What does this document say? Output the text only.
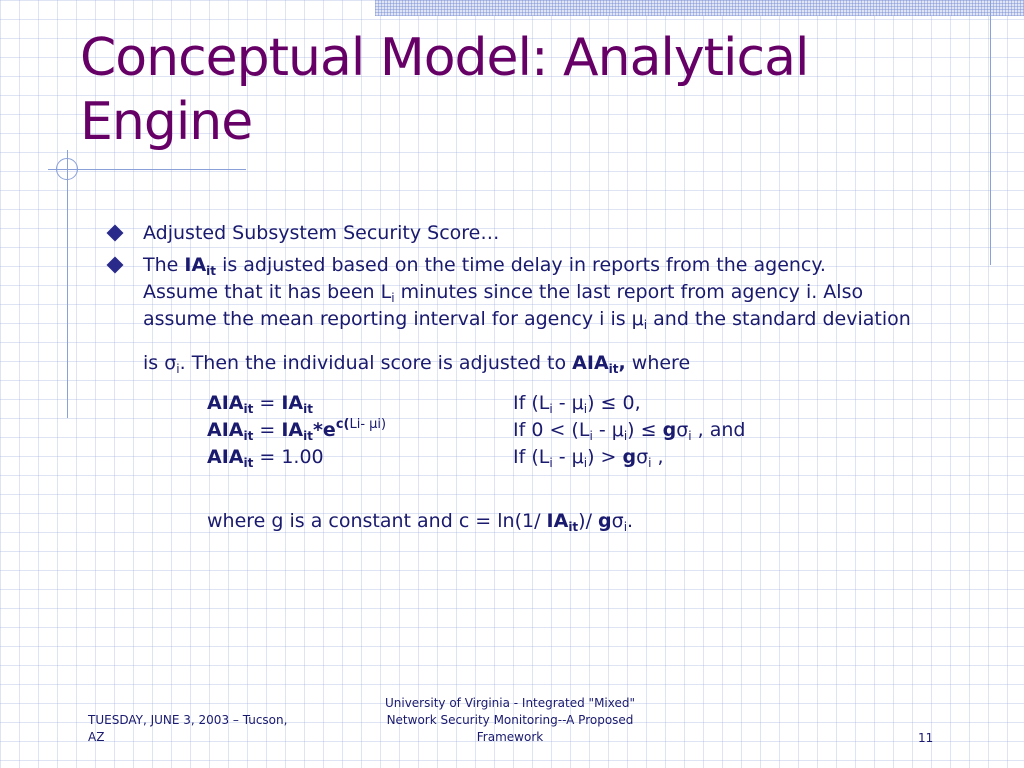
Conceptual Model: Analytical Engine
Adjusted Subsystem Security Score…
The $IA_{it}$ is adjusted based on the time delay in reports from the agency.
Assume that it has been $L_i$ minutes since the last report from agency i. Also
assume the mean reporting interval for agency i is $\mu_i$ and the standard deviation
is $\sigma_i$. Then the individual score is adjusted to $AIA_{it}$, where
$AIA_{it} = IA_{it}$	If $(L_i - \mu_i) \le 0$,
$AIA_{it} = IA_{it}*e^{c(Li- \mu i)}$	If $0 < (L_i - \mu_i) \le g\sigma_i$ , and
$AIA_{it} = 1.00$	If $(L_i - \mu_i) > g\sigma_i$ ,
where g is a constant and c = ln(1/ $IA_{it})/$ $g\sigma_i$.
TUESDAY, JUNE 3, 2003 – Tucson, AZ
University of Virginia - Integrated "Mixed" Network Security Monitoring--A Proposed Framework	11
